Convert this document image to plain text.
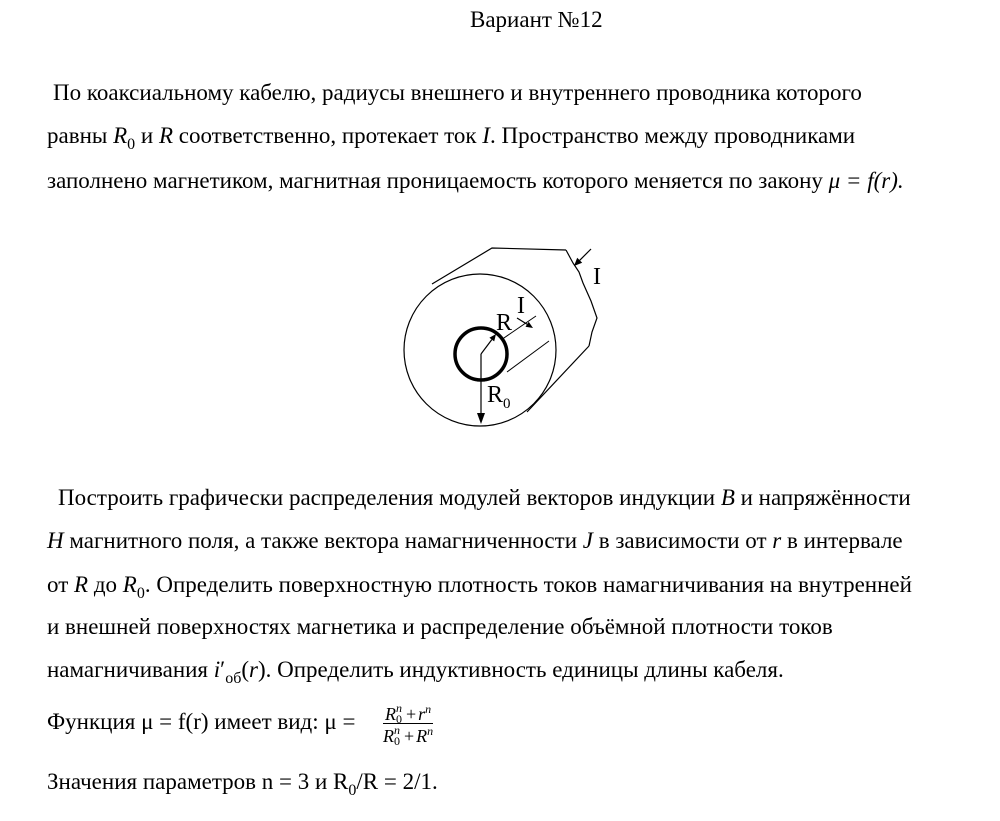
Вариант №12
По коаксиальному кабелю, радиусы внешнего и внутреннего проводника которого
равны $R_0$ и R соответственно, протекает ток I. Пространство между проводниками
заполнено магнетиком, магнитная проницаемость которого меняется по закону μ = f(r).
R
I
I
$R_0$
Построить графически распределения модулей векторов индукции B и напряжённости
H магнитного поля, а также вектора намагниченности J в зависимости от r в интервале
от R до $R_0$. Определить поверхностную плотность токов намагничивания на внутренней
и внешней поверхностях магнетика и распределение объёмной плотности токов
намагничивания $i'_{об}(r)$. Определить индуктивность единицы длины кабеля.
Функция μ = f(r) имеет вид: μ = R n
$0 + r^n$
R n
$0 + R^n$
Значения параметров n = 3 и $R_0/R = 2/1$.
